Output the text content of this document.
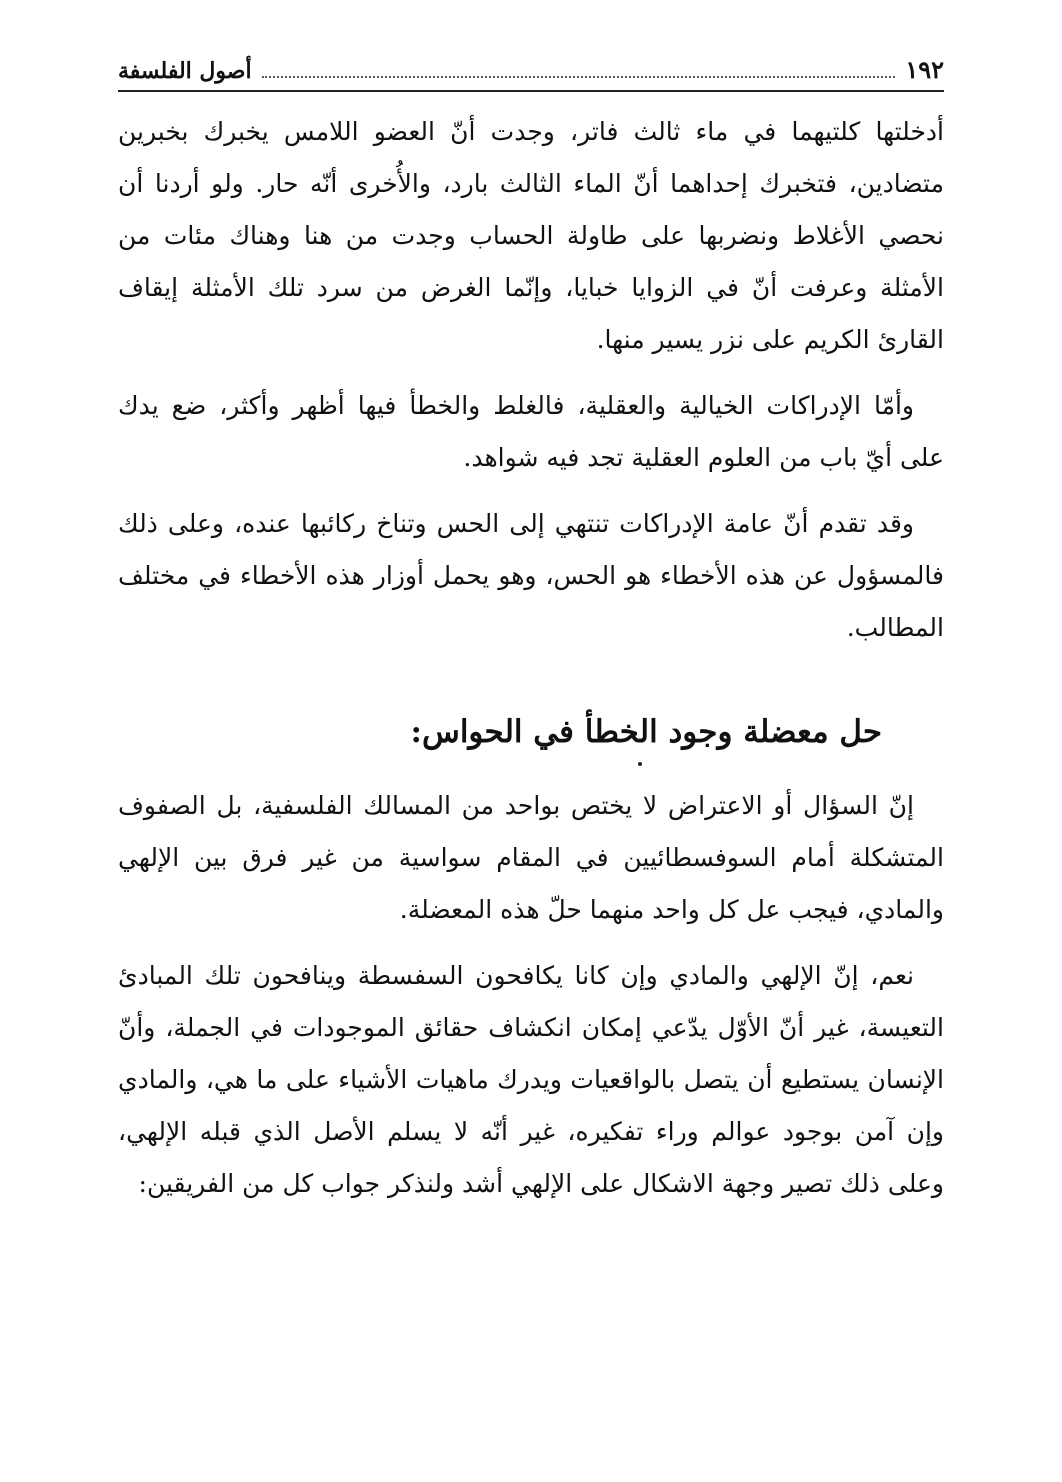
١٩٢
أصول الفلسفة

أدخلتها كلتيهما في ماء ثالث فاتر، وجدت أنّ العضو اللامس يخبرك بخبرين متضادين، فتخبرك إحداهما أنّ الماء الثالث بارد، والأُخرى أنّه حار. ولو أردنا أن نحصي الأغلاط ونضربها على طاولة الحساب وجدت من هنا وهناك مئات من الأمثلة وعرفت أنّ في الزوايا خبايا، وإنّما الغرض من سرد تلك الأمثلة إيقاف القارئ الكريم على نزر يسير منها.

وأمّا الإدراكات الخيالية والعقلية، فالغلط والخطأ فيها أظهر وأكثر، ضع يدك على أيّ باب من العلوم العقلية تجد فيه شواهد.

وقد تقدم أنّ عامة الإدراكات تنتهي إلى الحس وتناخ ركائبها عنده، وعلى ذلك فالمسؤول عن هذه الأخطاء هو الحس، وهو يحمل أوزار هذه الأخطاء في مختلف المطالب.

حل معضلة وجود الخطأ في الحواس:

إنّ السؤال أو الاعتراض لا يختص بواحد من المسالك الفلسفية، بل الصفوف المتشكلة أمام السوفسطائيين في المقام سواسية من غير فرق بين الإلهي والمادي، فيجب عل كل واحد منهما حلّ هذه المعضلة.

نعم، إنّ الإلهي والمادي وإن كانا يكافحون السفسطة وينافحون تلك المبادئ التعيسة، غير أنّ الأوّل يدّعي إمكان انكشاف حقائق الموجودات في الجملة، وأنّ الإنسان يستطيع أن يتصل بالواقعيات ويدرك ماهيات الأشياء على ما هي، والمادي وإن آمن بوجود عوالم وراء تفكيره، غير أنّه لا يسلم الأصل الذي قبله الإلهي، وعلى ذلك تصير وجهة الاشكال على الإلهي أشد ولنذكر جواب كل من الفريقين:
